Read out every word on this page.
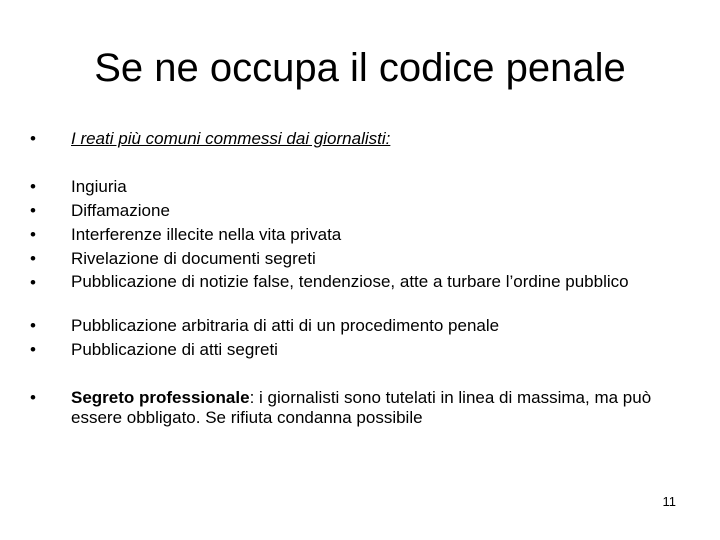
Se ne occupa il codice penale
•	I reati più comuni commessi dai giornalisti:
•	Ingiuria
•	Diffamazione
•	Interferenze illecite nella vita privata
•	Rivelazione di documenti segreti
•	Pubblicazione di notizie false, tendenziose, atte a turbare l’ordine pubblico
•	Pubblicazione arbitraria di atti di un procedimento penale
•	Pubblicazione di atti segreti
•	Segreto professionale: i giornalisti sono tutelati in linea di massima, ma può essere obbligato. Se rifiuta condanna possibile
11
